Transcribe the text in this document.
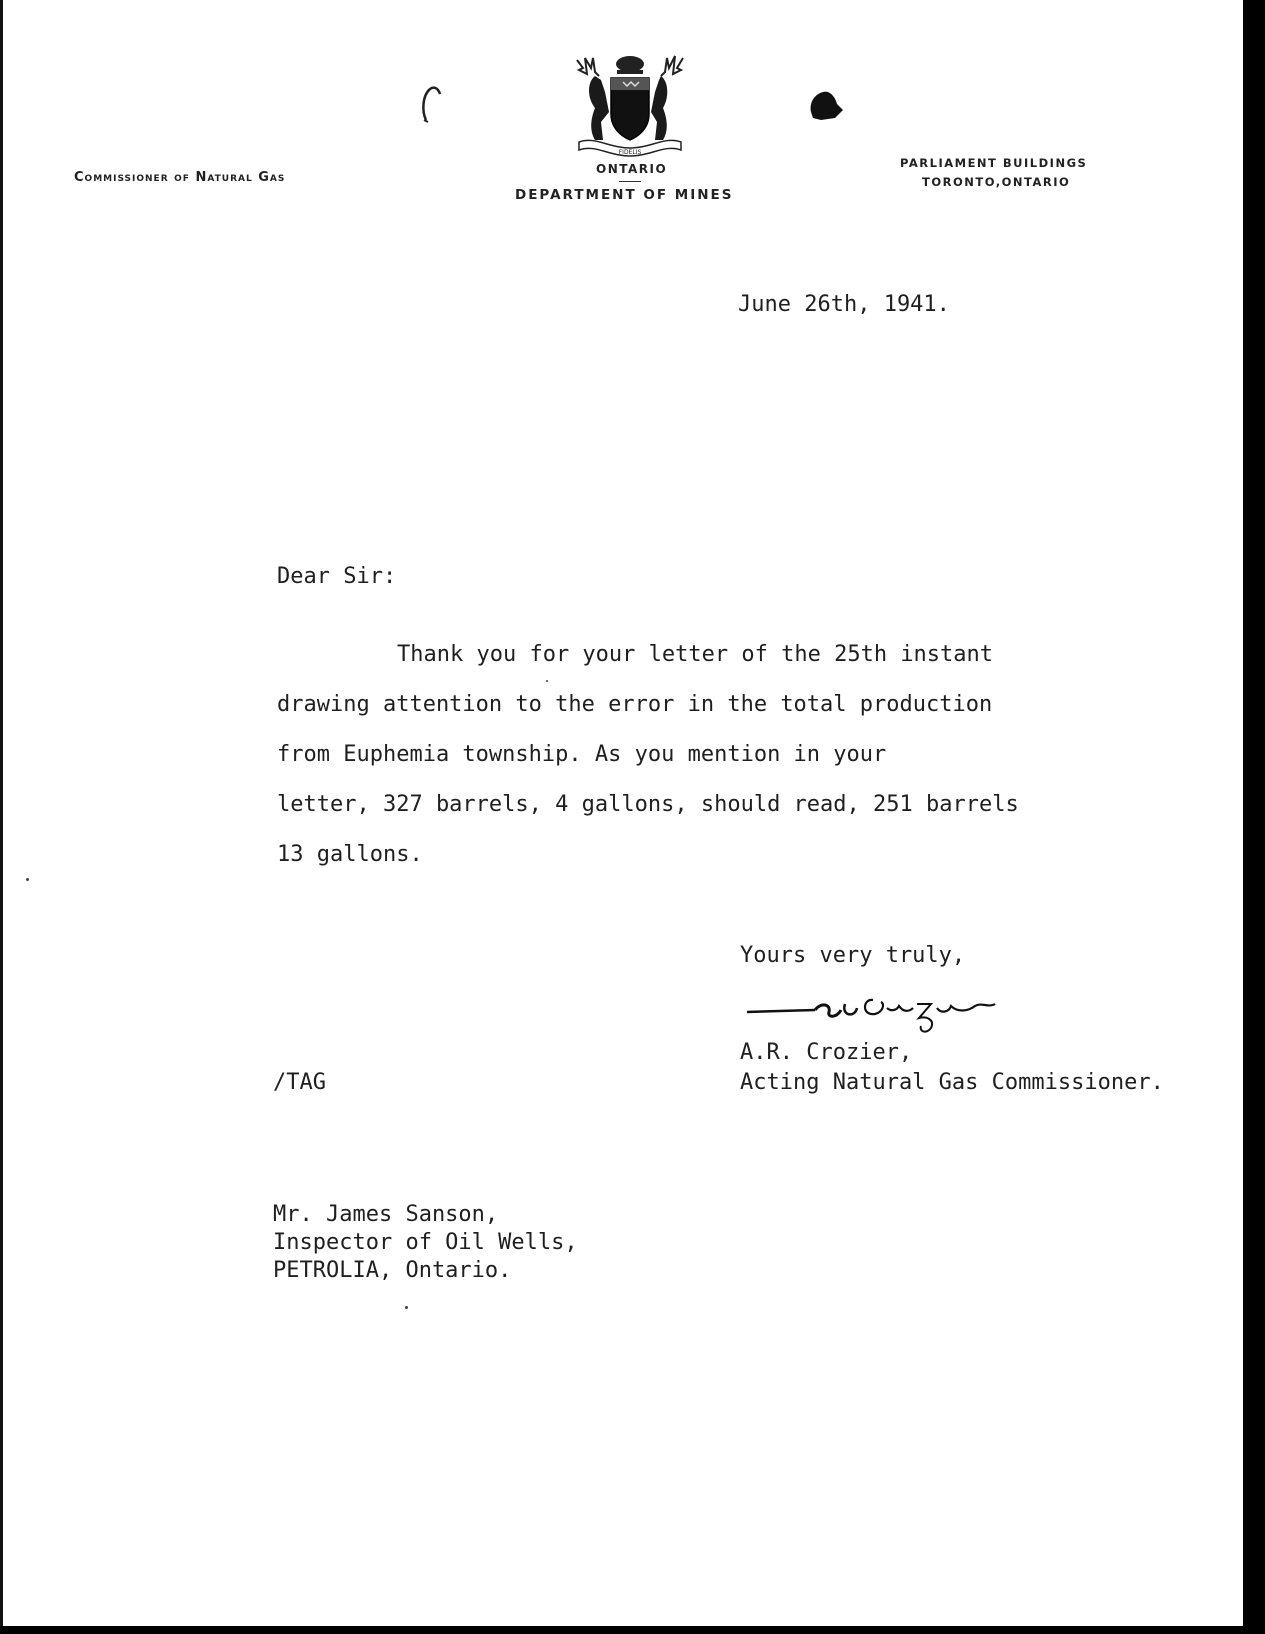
Commissioner of Natural Gas
FIDELIS
ONTARIO
DEPARTMENT OF MINES
PARLIAMENT BUILDINGS
TORONTO,ONTARIO
June 26th, 1941.
Dear Sir:
Thank you for your letter of the 25th instant
drawing attention to the error in the total production
from Euphemia township. As you mention in your
letter, 327 barrels, 4 gallons, should read, 251 barrels
13 gallons.
Yours very truly,
A.R. Crozier,
Acting Natural Gas Commissioner.
/TAG
Mr. James Sanson,
Inspector of Oil Wells,
PETROLIA, Ontario.
